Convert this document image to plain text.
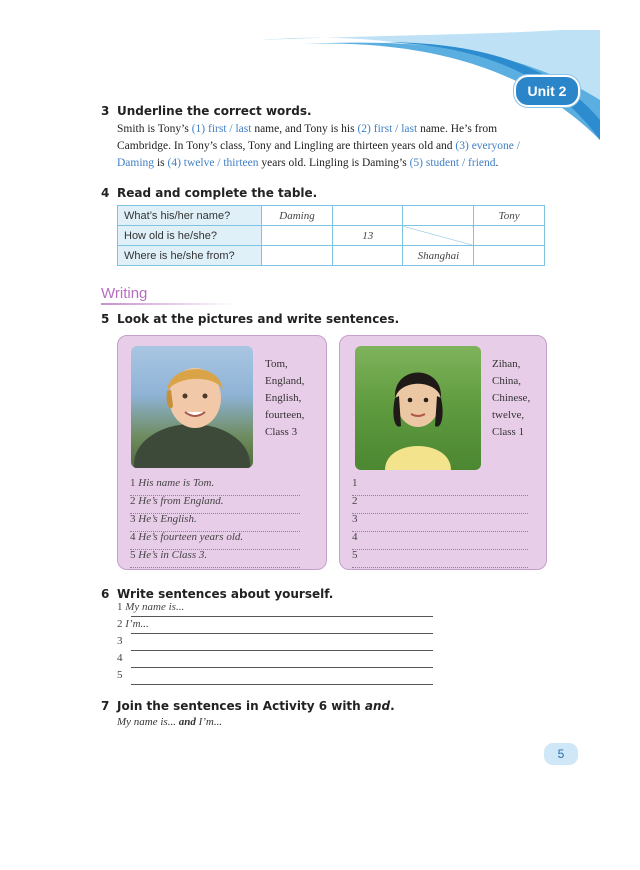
Unit 2
3 Underline the correct words.
Smith is Tony’s (1) first / last name, and Tony is his (2) first / last name. He’s from
Cambridge. In Tony’s class, Tony and Lingling are thirteen years old and (3) everyone /
Daming is (4) twelve / thirteen years old. Lingling is Daming’s (5) student / friend.
4 Read and complete the table.
What’s his/her name?	Daming			Tony
How old is he/she?		13		
Where is he/she from?			Shanghai	
Writing
5 Look at the pictures and write sentences.
Tom,
England,
English,
fourteen,
Class 3
1 His name is Tom.
2 He’s from England.
3 He’s English.
4 He’s fourteen years old.
5 He’s in Class 3.
Zihan,
China,
Chinese,
twelve,
Class 1
1
2
3
4
5
6 Write sentences about yourself.
1 My name is...
2 I’m...
3
4
5
7 Join the sentences in Activity 6 with and.
My name is... and I’m...
5
